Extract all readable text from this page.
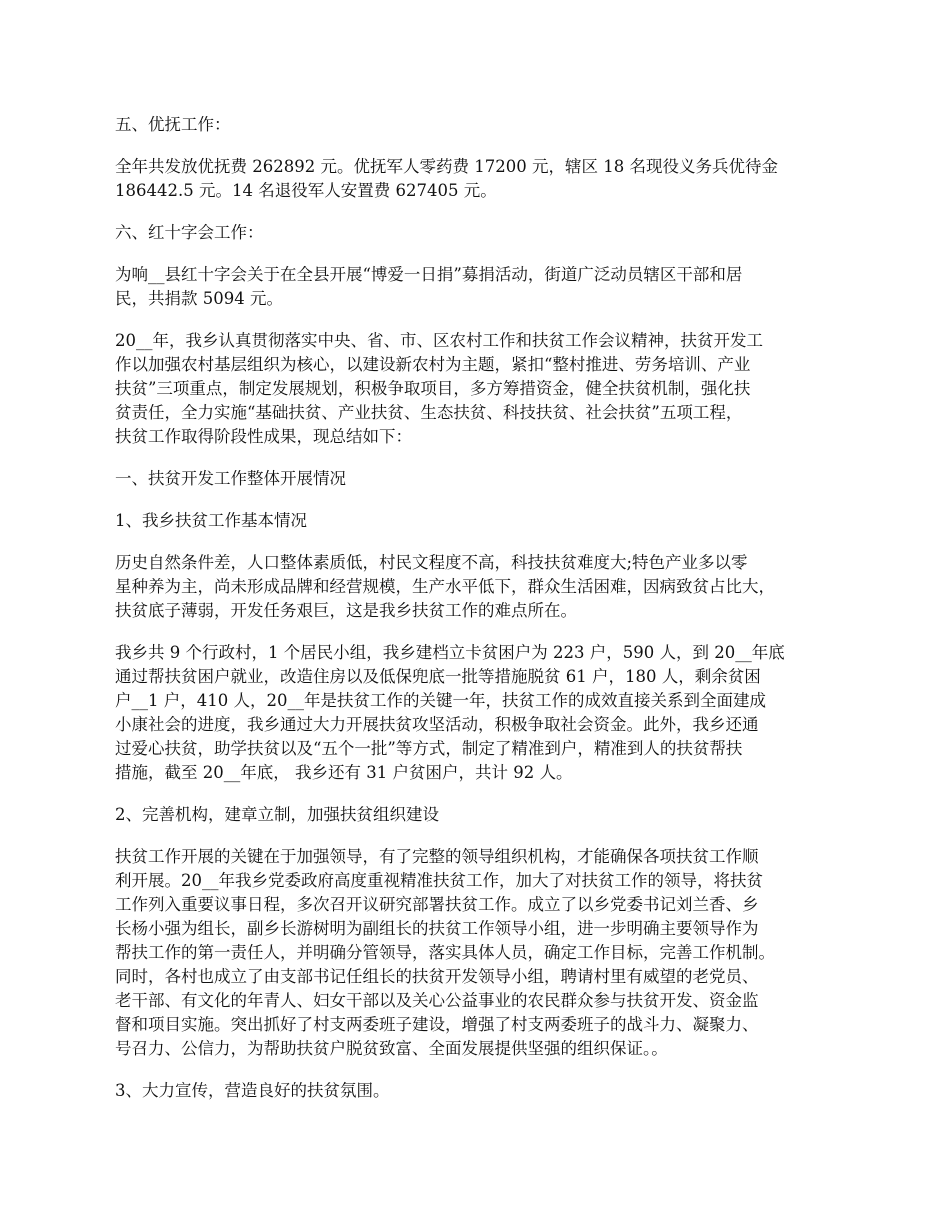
五、优抚工作：
全年共发放优抚费 262892 元。优抚军人零药费 17200 元，辖区 18 名现役义务兵优待金
186442.5 元。14 名退役军人安置费 627405 元。
六、红十字会工作：
为响__县红十字会关于在全县开展“博爱一日捐”募捐活动，街道广泛动员辖区干部和居
民，共捐款 5094 元。
20__年，我乡认真贯彻落实中央、省、市、区农村工作和扶贫工作会议精神，扶贫开发工
作以加强农村基层组织为核心，以建设新农村为主题，紧扣“整村推进、劳务培训、产业
扶贫”三项重点，制定发展规划，积极争取项目，多方筹措资金，健全扶贫机制，强化扶
贫责任，全力实施“基础扶贫、产业扶贫、生态扶贫、科技扶贫、社会扶贫”五项工程，
扶贫工作取得阶段性成果，现总结如下：
一、扶贫开发工作整体开展情况
1、我乡扶贫工作基本情况
历史自然条件差，人口整体素质低，村民文程度不高，科技扶贫难度大;特色产业多以零
星种养为主，尚未形成品牌和经营规模，生产水平低下，群众生活困难，因病致贫占比大，
扶贫底子薄弱，开发任务艰巨，这是我乡扶贫工作的难点所在。
我乡共 9 个行政村，1 个居民小组，我乡建档立卡贫困户为 223 户，590 人，到 20__年底
通过帮扶贫困户就业，改造住房以及低保兜底一批等措施脱贫 61 户，180 人，剩余贫困
户__1 户，410 人，20__年是扶贫工作的关键一年，扶贫工作的成效直接关系到全面建成
小康社会的进度，我乡通过大力开展扶贫攻坚活动，积极争取社会资金。此外，我乡还通
过爱心扶贫，助学扶贫以及“五个一批”等方式，制定了精准到户，精准到人的扶贫帮扶
措施，截至 20__年底， 我乡还有 31 户贫困户，共计 92 人。
2、完善机构，建章立制，加强扶贫组织建设
扶贫工作开展的关键在于加强领导，有了完整的领导组织机构，才能确保各项扶贫工作顺
利开展。20__年我乡党委政府高度重视精准扶贫工作，加大了对扶贫工作的领导，将扶贫
工作列入重要议事日程，多次召开议研究部署扶贫工作。成立了以乡党委书记刘兰香、乡
长杨小强为组长，副乡长游树明为副组长的扶贫工作领导小组，进一步明确主要领导作为
帮扶工作的第一责任人，并明确分管领导，落实具体人员，确定工作目标，完善工作机制。
同时，各村也成立了由支部书记任组长的扶贫开发领导小组，聘请村里有威望的老党员、
老干部、有文化的年青人、妇女干部以及关心公益事业的农民群众参与扶贫开发、资金监
督和项目实施。突出抓好了村支两委班子建设，增强了村支两委班子的战斗力、凝聚力、
号召力、公信力，为帮助扶贫户脱贫致富、全面发展提供坚强的组织保证。。
3、大力宣传，营造良好的扶贫氛围。
